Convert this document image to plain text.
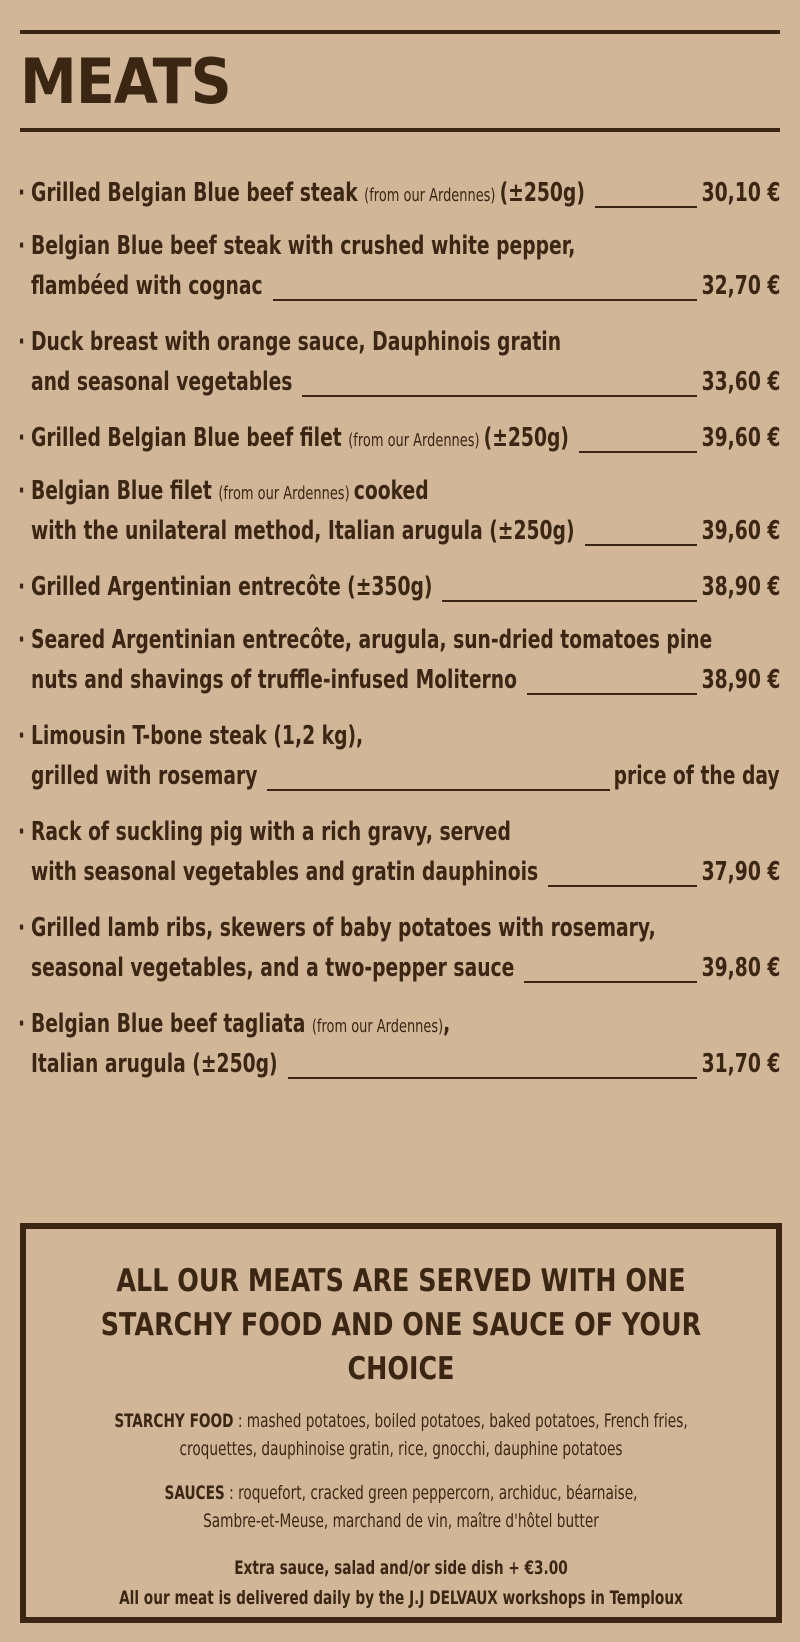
MEATS
· Grilled Belgian Blue beef steak (from our Ardennes) (±250g)	30,10 €
· Belgian Blue beef steak with crushed white pepper,
flambéed with cognac	32,70 €
· Duck breast with orange sauce, Dauphinois gratin
and seasonal vegetables	33,60 €
· Grilled Belgian Blue beef filet (from our Ardennes) (±250g)	39,60 €
· Belgian Blue filet (from our Ardennes) cooked
with the unilateral method, Italian arugula (±250g)	39,60 €
· Grilled Argentinian entrecôte (±350g)	38,90 €
· Seared Argentinian entrecôte, arugula, sun-dried tomatoes pine
nuts and shavings of truffle-infused Moliterno	38,90 €
· Limousin T-bone steak (1,2 kg),
grilled with rosemary	price of the day
· Rack of suckling pig with a rich gravy, served
with seasonal vegetables and gratin dauphinois	37,90 €
· Grilled lamb ribs, skewers of baby potatoes with rosemary,
seasonal vegetables, and a two-pepper sauce	39,80 €
· Belgian Blue beef tagliata (from our Ardennes),
Italian arugula (±250g)	31,70 €
ALL OUR MEATS ARE SERVED WITH ONE
STARCHY FOOD AND ONE SAUCE OF YOUR CHOICE
STARCHY FOOD : mashed potatoes, boiled potatoes, baked potatoes, French fries,
croquettes, dauphinoise gratin, rice, gnocchi, dauphine potatoes
SAUCES : roquefort, cracked green peppercorn, archiduc, béarnaise,
Sambre-et-Meuse, marchand de vin, maître d'hôtel butter
Extra sauce, salad and/or side dish + €3.00
All our meat is delivered daily by the J.J DELVAUX workshops in Temploux
